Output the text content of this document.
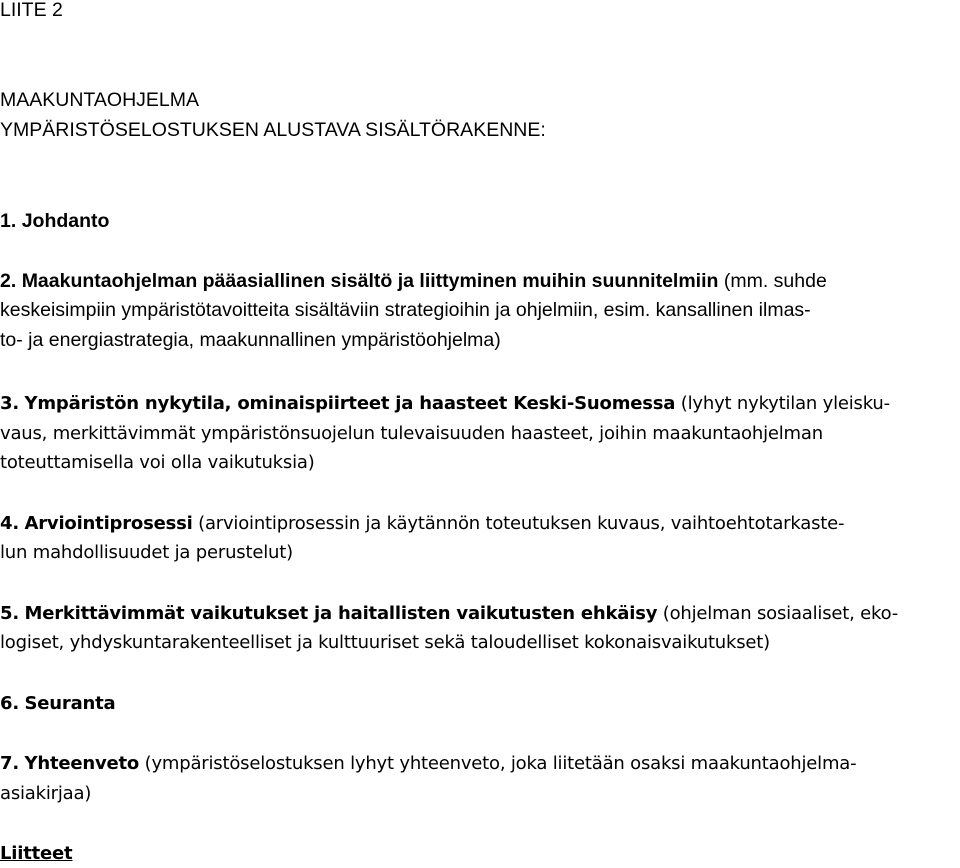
LIITE 2
MAAKUNTAOHJELMA
YMPÄRISTÖSELOSTUKSEN ALUSTAVA SISÄLTÖRAKENNE:
1. Johdanto
2. Maakuntaohjelman pääasiallinen sisältö ja liittyminen muihin suunnitelmiin (mm. suhde
keskeisimpiin ympäristötavoitteita sisältäviin strategioihin ja ohjelmiin, esim. kansallinen ilmas-
to- ja energiastrategia, maakunnallinen ympäristöohjelma)
3. Ympäristön nykytila, ominaispiirteet ja haasteet Keski-Suomessa (lyhyt nykytilan yleisku-
vaus, merkittävimmät ympäristönsuojelun tulevaisuuden haasteet, joihin maakuntaohjelman
toteuttamisella voi olla vaikutuksia)
4. Arviointiprosessi (arviointiprosessin ja käytännön toteutuksen kuvaus, vaihtoehtotarkaste-
lun mahdollisuudet ja perustelut)
5. Merkittävimmät vaikutukset ja haitallisten vaikutusten ehkäisy (ohjelman sosiaaliset, eko-
logiset, yhdyskuntarakenteelliset ja kulttuuriset sekä taloudelliset kokonaisvaikutukset)
6. Seuranta
7. Yhteenveto (ympäristöselostuksen lyhyt yhteenveto, joka liitetään osaksi maakuntaohjelma-
asiakirjaa)
Liitteet
